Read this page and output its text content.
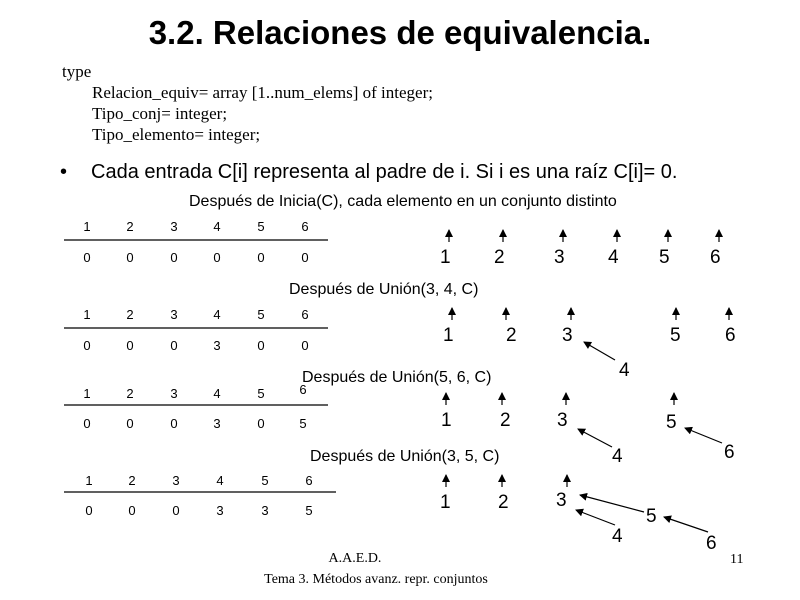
3.2. Relaciones de equivalencia.
type
Relacion_equiv= array [1..num_elems] of integer;
Tipo_conj= integer;
Tipo_elemento= integer;
• Cada entrada C[i] representa al padre de i. Si i es una raíz C[i]= 0.
Después de Inicia(C), cada elemento en un conjunto distinto
Después de Unión(3, 4, C)
Después de Unión(5, 6, C)
Después de Unión(3, 5, C)
1	2	3	4	5	6
0	0	0	0	0	0
1	2	3	4	5	6
0	0	0	3	0	0
1	2	3	4	5	6
0	0	0	3	0	5
1	2	3	4	5	6
0	0	0	3	3	5
1 2	3 4 5 6
1	2 3
4
5 6
1	2 3
4
5
6
1 2 3
4
5
6
A.A.E.D.
Tema 3. Métodos avanz. repr. conjuntos
11
